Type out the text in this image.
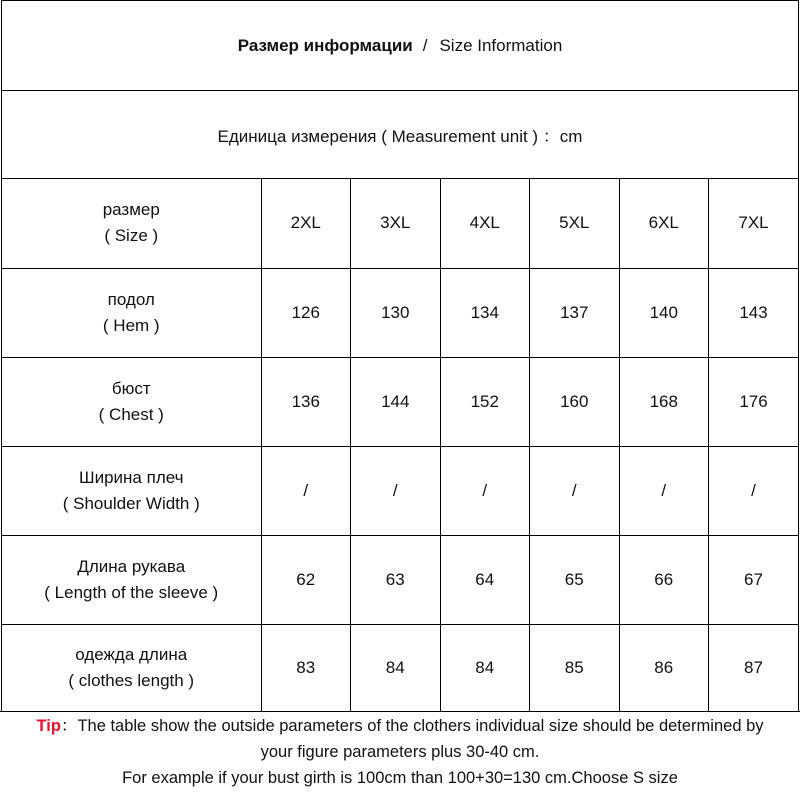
Размер информации / Size Information
Единица измерения ( Measurement unit ) ：cm
размер
( Size )	2XL	3XL	4XL	5XL	6XL	7XL

подол
( Hem )	126	130	134	137	140	143

бюст
( Chest )	136	144	152	160	168	176

Ширина плеч
( Shoulder Width )	/	/	/	/	/	/

Длина рукава
( Length of the sleeve )	62	63	64	65	66	67

одежда длина
( clothes length )	83	84	84	85	86	87
Tip：The table show the outside parameters of the clothers individual size should be determined by
your figure parameters plus 30-40 cm.
For example if your bust girth is 100cm than 100+30=130 cm.Choose S size
